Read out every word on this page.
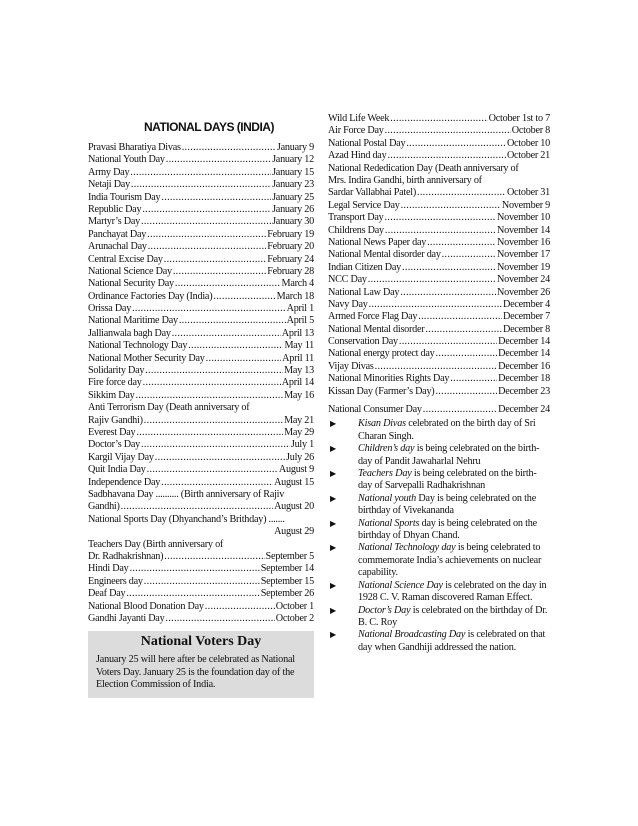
NATIONAL DAYS (INDIA)
Pravasi Bharatiya Divas .....	January 9
National Youth Day .....	January 12
Army Day .....	January 15
Netaji Day .....	January 23
India Tourism Day .....	January 25
Republic Day .....	January 26
Martyr’s Day .....	January 30
Panchayat Day .....	February 19
Arunachal Day .....	February 20
Central Excise Day .....	February 24
National Science Day .....	February 28
National Security Day .....	March 4
Ordinance Factories Day (India) .....	March 18
Orissa Day .....	April 1
National Maritime Day .....	April 5
Jallianwala bagh Day .....	April 13
National Technology Day .....	May 11
National Mother Security Day .....	April 11
Solidarity Day .....	May 13
Fire force day .....	April 14
Sikkim Day .....	May 16
Anti Terrorism Day (Death anniversary of
Rajiv Gandhi) .....	May 21
Everest Day .....	May 29
Doctor’s Day .....	July 1
Kargil Vijay Day .....	July 26
Quit India Day .....	August 9
Independence Day .....	August 15
Sadbhavana Day .......... (Birth anniversary of Rajiv
Gandhi) .....	August 20
National Sports Day (Dhyanchand’s Brithday) .......
August 29
Teachers Day (Birth anniversary of
Dr. Radhakrishnan) .....	September 5
Hindi Day .....	September 14
Engineers day .....	September 15
Deaf Day .....	September 26
National Blood Donation Day .....	October 1
Gandhi Jayanti Day .....	October 2
National Voters Day
January 25 will here after be celebrated as National Voters Day. January 25 is the foundation day of the Election Commission of India.
Wild Life Week .....	October 1st to 7
Air Force Day .....	October 8
National Postal Day .....	October 10
Azad Hind day .....	October 21
National Rededication Day (Death anniversary of
Mrs. Indira Gandhi, birth anniversary of
Sardar Vallabhai Patel) .....	October 31
Legal Service Day .....	November 9
Transport Day .....	November 10
Childrens Day .....	November 14
National News Paper day .....	November 16
National Mental disorder day .....	November 17
Indian Citizen Day .....	November 19
NCC Day .....	November 24
National Law Day .....	November 26
Navy Day .....	December 4
Armed Force Flag Day .....	December 7
National Mental disorder .....	December 8
Conservation Day .....	December 14
National energy protect day .....	December 14
Vijay Divas .....	December 16
National Minorities Rights Day .....	December 18
Kissan Day (Farmer’s Day) .....	December 23
National Consumer Day .....	December 24
▶	Kisan Divas celebrated on the birth day of Sri Charan Singh.
▶	Children’s day is being celebrated on the birth-day of Pandit Jawaharlal Nehru
▶	Teachers Day is being celebrated on the birth-day of Sarvepalli Radhakrishnan
▶	National youth Day is being celebrated on the birthday of Vivekananda
▶	National Sports day is being celebrated on the birthday of Dhyan Chand.
▶	National Technology day is being celebrated to commemorate India’s achievements on nuclear capability.
▶	National Science Day is celebrated on the day in 1928 C. V. Raman discovered Raman Effect.
▶	Doctor’s Day is celebrated on the birthday of Dr. B. C. Roy
▶	National Broadcasting Day is celebrated on that day when Gandhiji addressed the nation.
